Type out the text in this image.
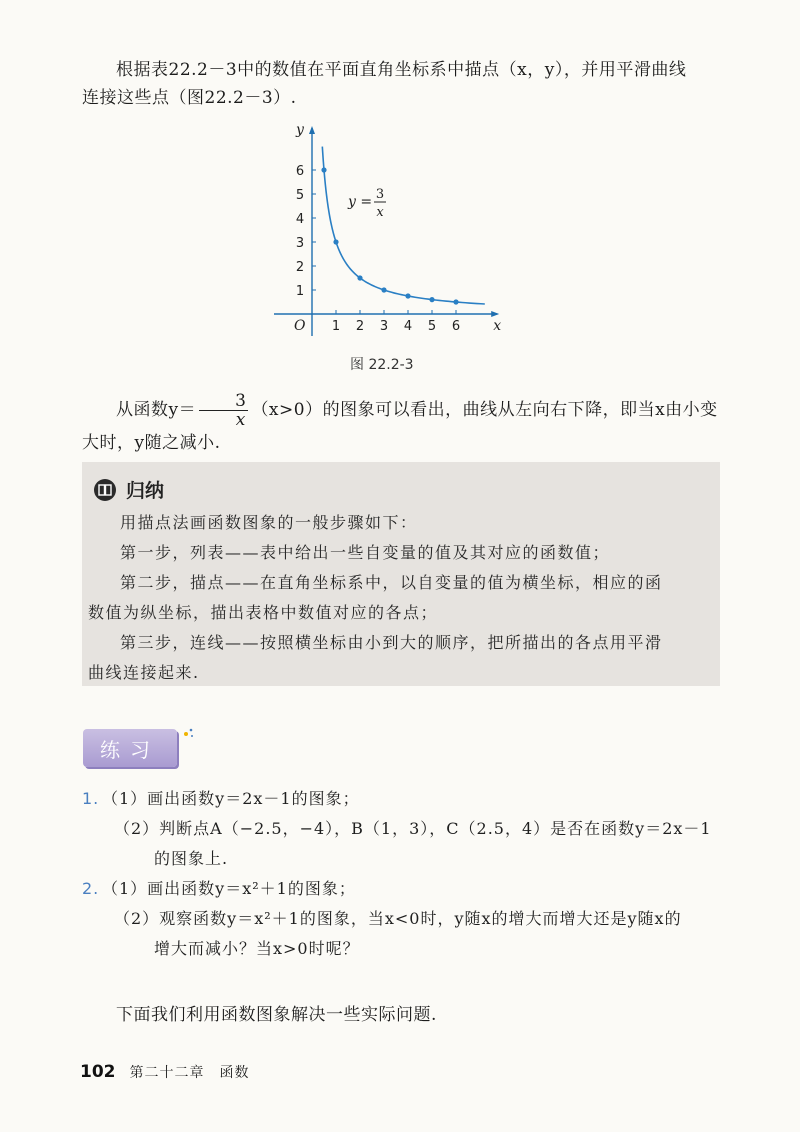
根据表22.2－3中的数值在平面直角坐标系中描点（x，y），并用平滑曲线
连接这些点（图22.2－3）.
x
y
O 1 2 3 4 5 6
1
2
3
4
5
6
y = 3
x
图 22.2-3
从函数$y= \frac{3}{x} (x>0)$的图象可以看出，曲线从左向右下降，即当x由小变
大时，y随之减小.
归纳
用描点法画函数图象的一般步骤如下：
第一步，列表——表中给出一些自变量的值及其对应的函数值；
第二步，描点——在直角坐标系中，以自变量的值为横坐标，相应的函
数值为纵坐标，描出表格中数值对应的各点；
第三步，连线——按照横坐标由小到大的顺序，把所描出的各点用平滑
曲线连接起来.
练习
1. （1）画出函数y＝2x－1的图象；
（2）判断点A（−2.5，−4），B（1，3），C（2.5，4）是否在函数y＝2x－1
的图象上.
2. （1）画出函数y＝x²＋1的图象；
（2）观察函数y＝x²＋1的图象，当x<0时，y随x的增大而增大还是y随x的
增大而减小？当x>0时呢？
下面我们利用函数图象解决一些实际问题.
102 第二十二章　函数
